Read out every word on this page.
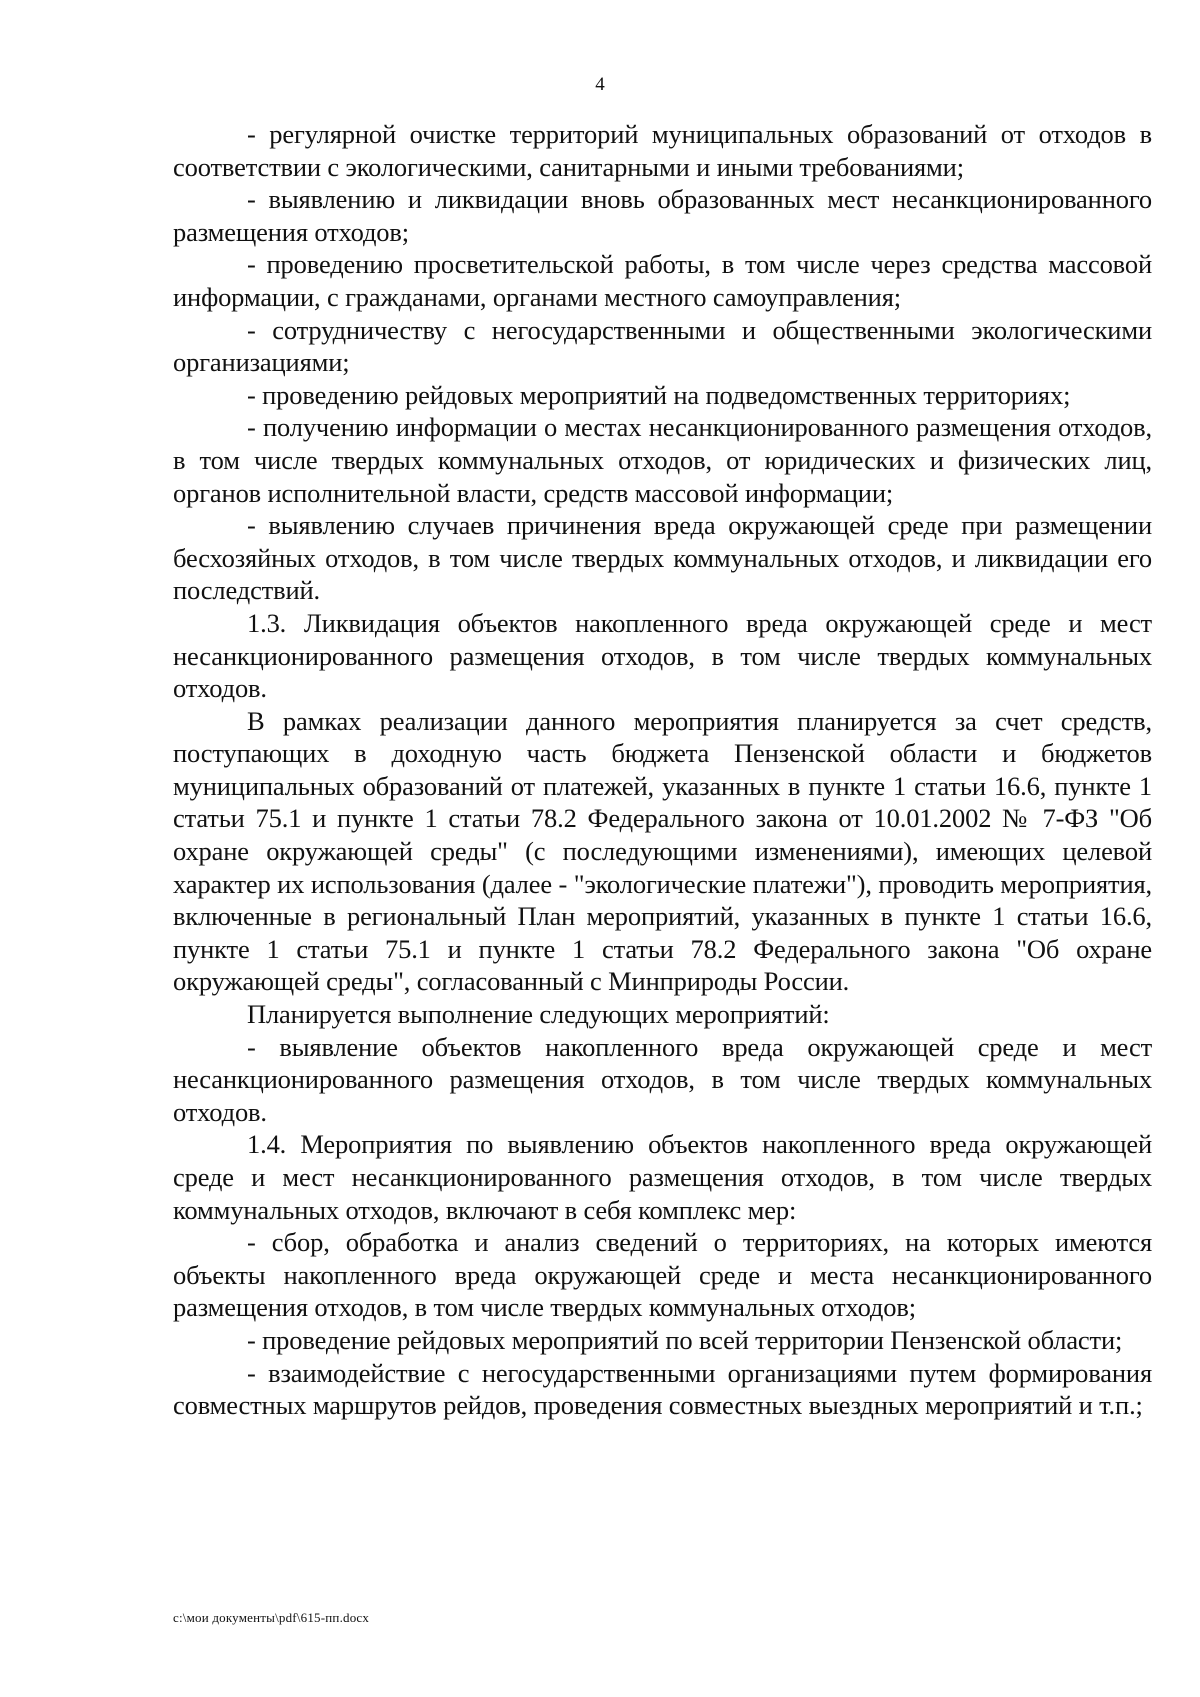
4

- регулярной очистке территорий муниципальных образований от отходов в соответствии с экологическими, санитарными и иными требованиями;

- выявлению и ликвидации вновь образованных мест несанкционированного размещения отходов;

- проведению просветительской работы, в том числе через средства массовой информации, с гражданами, органами местного самоуправления;

- сотрудничеству с негосударственными и общественными экологическими организациями;

- проведению рейдовых мероприятий на подведомственных территориях;

- получению информации о местах несанкционированного размещения отходов, в том числе твердых коммунальных отходов, от юридических и физических лиц, органов исполнительной власти, средств массовой информации;

- выявлению случаев причинения вреда окружающей среде при размещении бесхозяйных отходов, в том числе твердых коммунальных отходов, и ликвидации его последствий.

1.3. Ликвидация объектов накопленного вреда окружающей среде и мест несанкционированного размещения отходов, в том числе твердых коммунальных отходов.

В рамках реализации данного мероприятия планируется за счет средств, поступающих в доходную часть бюджета Пензенской области и бюджетов муниципальных образований от платежей, указанных в пункте 1 статьи 16.6, пункте 1 статьи 75.1 и пункте 1 статьи 78.2 Федерального закона от 10.01.2002 № 7-ФЗ "Об охране окружающей среды" (с последующими изменениями), имеющих целевой характер их использования (далее - "экологические платежи"), проводить мероприятия, включенные в региональный План мероприятий, указанных в пункте 1 статьи 16.6, пункте 1 статьи 75.1 и пункте 1 статьи 78.2 Федерального закона "Об охране окружающей среды", согласованный с Минприроды России.

Планируется выполнение следующих мероприятий:

- выявление объектов накопленного вреда окружающей среде и мест несанкционированного размещения отходов, в том числе твердых коммунальных отходов.

1.4. Мероприятия по выявлению объектов накопленного вреда окружающей среде и мест несанкционированного размещения отходов, в том числе твердых коммунальных отходов, включают в себя комплекс мер:

- сбор, обработка и анализ сведений о территориях, на которых имеются объекты накопленного вреда окружающей среде и места несанкционированного размещения отходов, в том числе твердых коммунальных отходов;

- проведение рейдовых мероприятий по всей территории Пензенской области;

- взаимодействие с негосударственными организациями путем формирования совместных маршрутов рейдов, проведения совместных выездных мероприятий и т.п.;

c:\мои документы\pdf\615-пп.docx
